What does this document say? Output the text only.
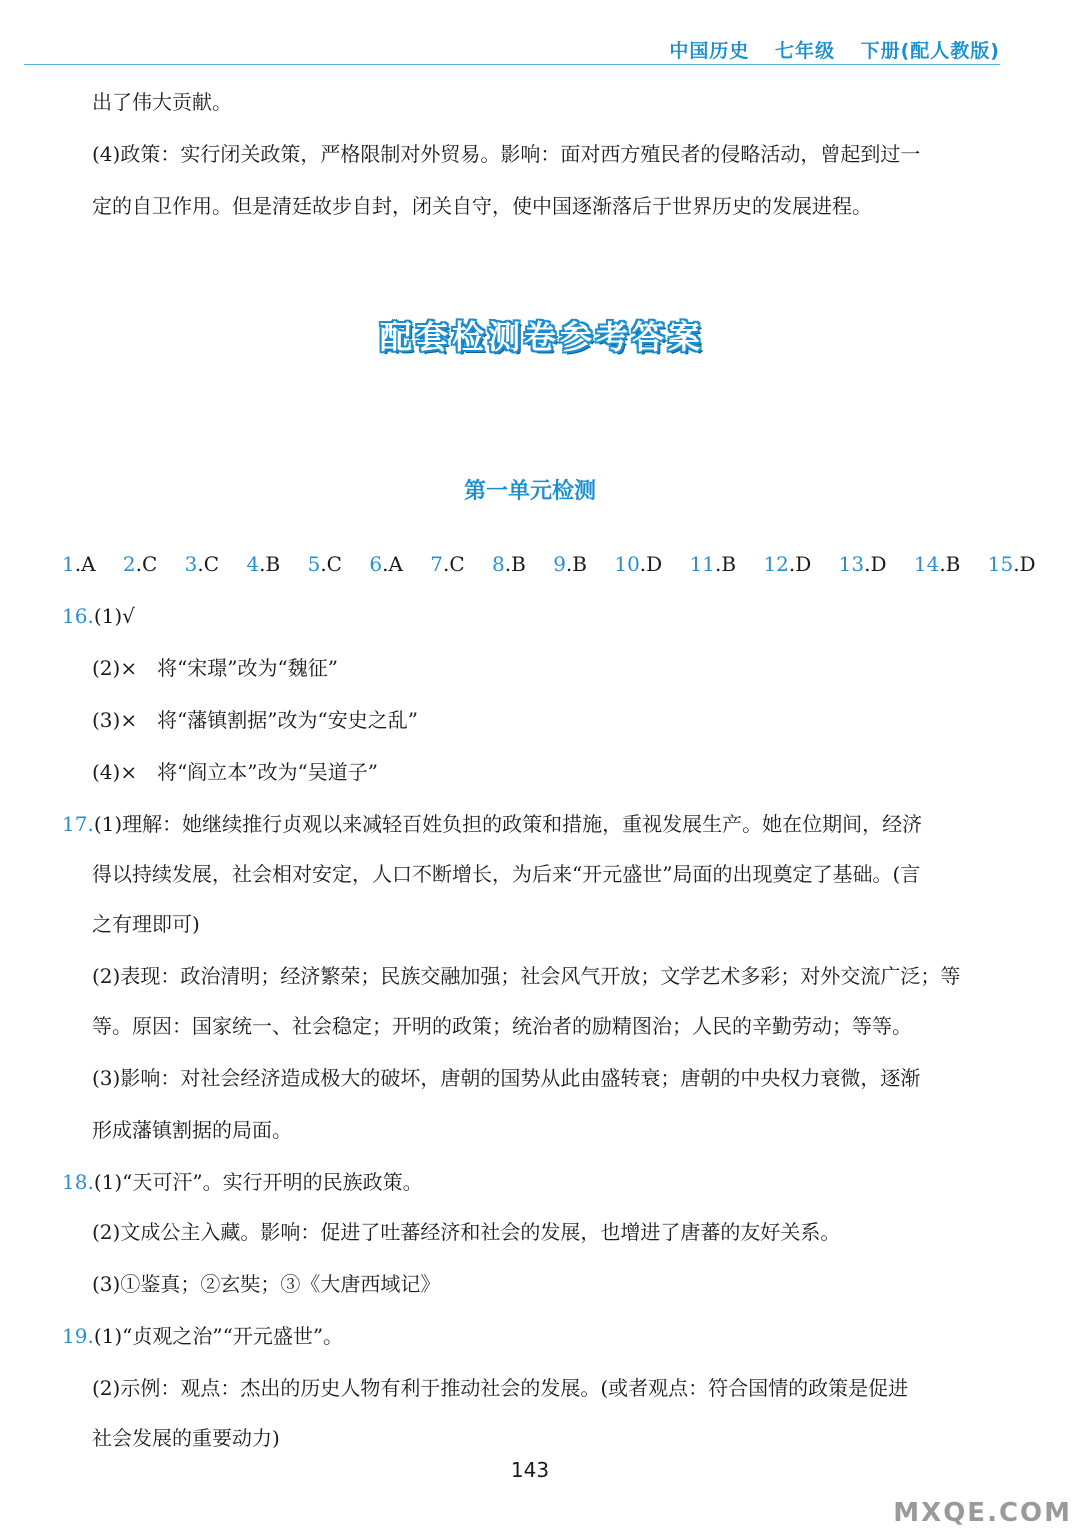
中国历史 七年级 下册(配人教版)
出了伟大贡献。
(4)政策：实行闭关政策，严格限制对外贸易。影响：面对西方殖民者的侵略活动，曾起到过一
定的自卫作用。但是清廷故步自封，闭关自守，使中国逐渐落后于世界历史的发展进程。
配套检测卷参考答案
第一单元检测
1.A 2.C 3.C 4.B 5.C 6.A 7.C 8.B 9.B 10.D 11.B 12.D 13.D 14.B 15.D
16.(1)√
(2)×　将“宋璟”改为“魏征”
(3)×　将“藩镇割据”改为“安史之乱”
(4)×　将“阎立本”改为“吴道子”
17.(1)理解：她继续推行贞观以来减轻百姓负担的政策和措施，重视发展生产。她在位期间，经济
得以持续发展，社会相对安定，人口不断增长，为后来“开元盛世”局面的出现奠定了基础。(言
之有理即可)
(2)表现：政治清明；经济繁荣；民族交融加强；社会风气开放；文学艺术多彩；对外交流广泛；等
等。原因：国家统一、社会稳定；开明的政策；统治者的励精图治；人民的辛勤劳动；等等。
(3)影响：对社会经济造成极大的破坏，唐朝的国势从此由盛转衰；唐朝的中央权力衰微，逐渐
形成藩镇割据的局面。
18.(1)“天可汗”。实行开明的民族政策。
(2)文成公主入藏。影响：促进了吐蕃经济和社会的发展，也增进了唐蕃的友好关系。
(3)①鉴真；②玄奘；③《大唐西域记》
19.(1)“贞观之治”“开元盛世”。
(2)示例：观点：杰出的历史人物有利于推动社会的发展。(或者观点：符合国情的政策是促进
社会发展的重要动力)
143
MXQE.COM
